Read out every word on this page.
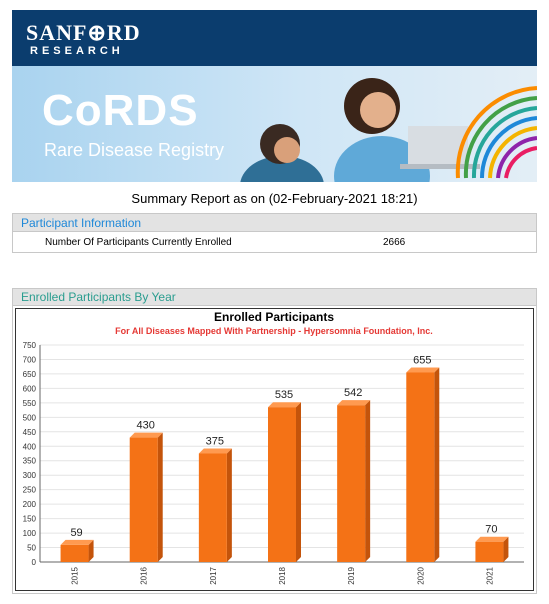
SANF⊕RD
RESEARCH
CoRDS
Rare Disease Registry
Summary Report as on (02-February-2021 18:21)
Participant Information
Number Of Participants Currently Enrolled	2666
Enrolled Participants By Year
Enrolled Participants
For All Diseases Mapped With Partnership - Hypersomnia Foundation, Inc.
0
50
100
150
200
250
300
350
400
450
500
550
600
650
700
750
59
2015
430
2016
375
2017
535
2018
542
2019
655
2020
70
2021
